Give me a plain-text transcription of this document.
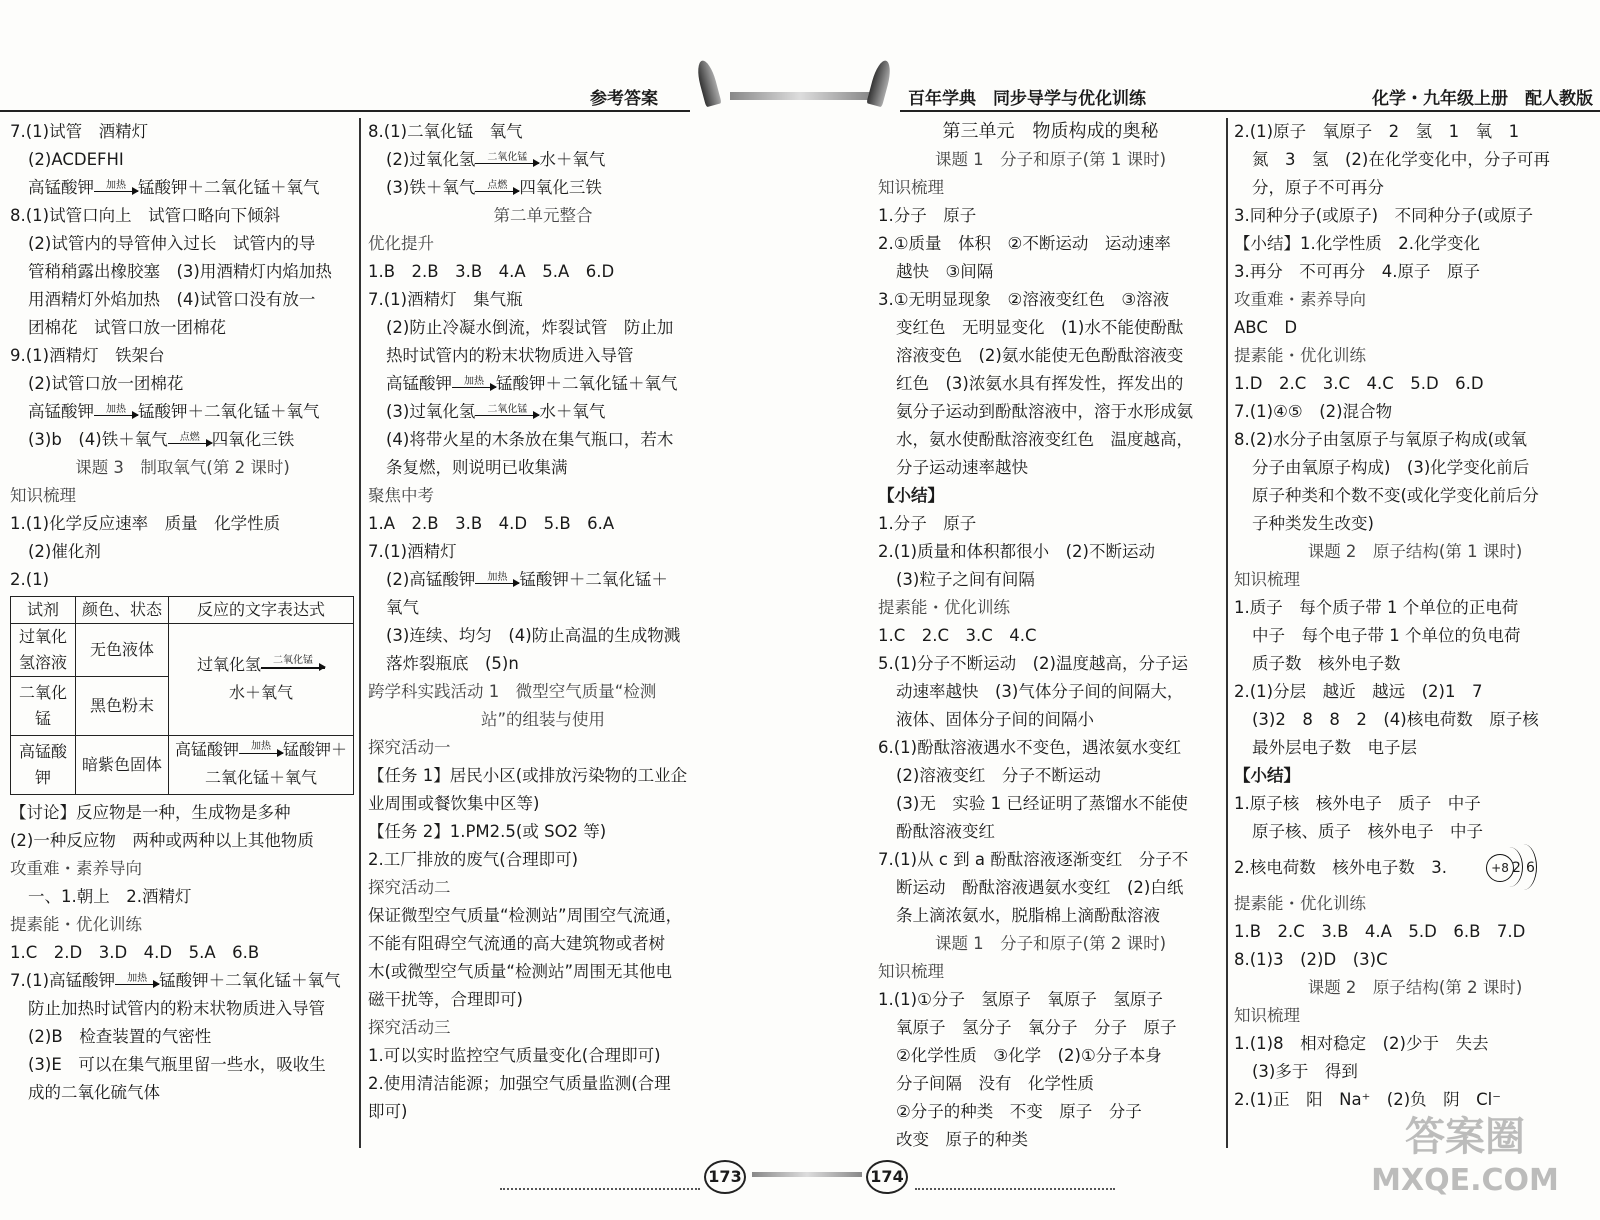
参考答案	百年学典　同步导学与优化训练	化学・九年级上册　配人教版
7.(1)试管　酒精灯
(2)ACDEFHI
高锰酸钾	加热 锰酸钾＋二氧化锰＋氧气
8.(1)试管口向上　试管口略向下倾斜
(2)试管内的导管伸入过长　试管内的导
管稍稍露出橡胶塞　(3)用酒精灯内焰加热
用酒精灯外焰加热　(4)试管口没有放一
团棉花　试管口放一团棉花
9.(1)酒精灯　铁架台
(2)试管口放一团棉花
高锰酸钾	加热 锰酸钾＋二氧化锰＋氧气
(3)b　(4)铁＋氧气	点燃 四氧化三铁
课题 3　制取氧气(第 2 课时)
知识梳理
1.(1)化学反应速率　质量　化学性质
(2)催化剂
2.(1)
试剂	颜色、状态	反应的文字表达式
过氧化氢溶液	无色液体	过氧化氢 二氧化锰
水＋氧气

二氧化锰	黑色粉末	
高锰酸钾	暗紫色固体	高锰酸钾 加热 锰酸钾＋
二氧化锰＋氧气
【讨论】反应物是一种，生成物是多种
(2)一种反应物　两种或两种以上其他物质
攻重难・素养导向
一、1.朝上　2.酒精灯
提素能・优化训练
1.C　2.D　3.D　4.D　5.A　6.B
7.(1)高锰酸钾	加热 锰酸钾＋二氧化锰＋氧气
防止加热时试管内的粉末状物质进入导管
(2)B　检查装置的气密性
(3)E　可以在集气瓶里留一些水，吸收生
成的二氧化硫气体
8.(1)二氧化锰　氧气
(2)过氧化氢	二氧化锰 水＋氧气
(3)铁＋氧气	点燃 四氧化三铁
第二单元整合
优化提升
1.B　2.B　3.B　4.A　5.A　6.D
7.(1)酒精灯　集气瓶
(2)防止冷凝水倒流，炸裂试管　防止加
热时试管内的粉末状物质进入导管
高锰酸钾	加热 锰酸钾＋二氧化锰＋氧气
(3)过氧化氢	二氧化锰 水＋氧气
(4)将带火星的木条放在集气瓶口，若木
条复燃，则说明已收集满
聚焦中考
1.A　2.B　3.B　4.D　5.B　6.A
7.(1)酒精灯
(2)高锰酸钾	加热 锰酸钾＋二氧化锰＋
氧气
(3)连续、均匀　(4)防止高温的生成物溅
落炸裂瓶底　(5)n
跨学科实践活动 1　微型空气质量“检测
站”的组装与使用
探究活动一
【任务 1】居民小区(或排放污染物的工业企
业周围或餐饮集中区等)
【任务 2】1.PM2.5(或 SO2 等)
2.工厂排放的废气(合理即可)
探究活动二
保证微型空气质量“检测站”周围空气流通，
不能有阻碍空气流通的高大建筑物或者树
木(或微型空气质量“检测站”周围无其他电
磁干扰等，合理即可)
探究活动三
1.可以实时监控空气质量变化(合理即可)
2.使用清洁能源；加强空气质量监测(合理
即可)
第三单元　物质构成的奥秘
课题 1　分子和原子(第 1 课时)
知识梳理
1.分子　原子
2.①质量　体积　②不断运动　运动速率
越快　③间隔
3.①无明显现象　②溶液变红色　③溶液
变红色　无明显变化　(1)水不能使酚酞
溶液变色　(2)氨水能使无色酚酞溶液变
红色　(3)浓氨水具有挥发性，挥发出的
氨分子运动到酚酞溶液中，溶于水形成氨
水，氨水使酚酞溶液变红色　温度越高，
分子运动速率越快
【小结】
1.分子　原子
2.(1)质量和体积都很小　(2)不断运动
(3)粒子之间有间隔
提素能・优化训练
1.C　2.C　3.C　4.C
5.(1)分子不断运动　(2)温度越高，分子运
动速率越快　(3)气体分子间的间隔大，
液体、固体分子间的间隔小
6.(1)酚酞溶液遇水不变色，遇浓氨水变红
(2)溶液变红　分子不断运动
(3)无　实验 1 已经证明了蒸馏水不能使
酚酞溶液变红
7.(1)从 c 到 a 酚酞溶液逐渐变红　分子不
断运动　酚酞溶液遇氨水变红　(2)白纸
条上滴浓氨水，脱脂棉上滴酚酞溶液
课题 1　分子和原子(第 2 课时)
知识梳理
1.(1)①分子　氢原子　氧原子　氢原子
氧原子　氢分子　氧分子　分子　原子
②化学性质　③化学　(2)①分子本身
分子间隔　没有　化学性质
②分子的种类　不变　原子　分子
改变　原子的种类
2.(1)原子　氧原子　2　氢　1　氧　1
氮　3　氢　(2)在化学变化中，分子可再
分，原子不可再分
3.同种分子(或原子)　不同种分子(或原子
【小结】1.化学性质　2.化学变化
3.再分　不可再分　4.原子　原子
攻重难・素养导向
ABC　D
提素能・优化训练
1.D　2.C　3.C　4.C　5.D　6.D
7.(1)④⑤　(2)混合物
8.(2)水分子由氢原子与氧原子构成(或氧
分子由氧原子构成)　(3)化学变化前后
原子种类和个数不变(或化学变化前后分
子种类发生改变)
课题 2　原子结构(第 1 课时)
知识梳理
1.质子　每个质子带 1 个单位的正电荷
中子　每个电子带 1 个单位的负电荷
质子数　核外电子数
2.(1)分层　越近　越远　(2)1　7
(3)2　8　8　2　(4)核电荷数　原子核
最外层电子数　电子层
【小结】
1.原子核　核外电子　质子　中子
原子核、质子　核外电子　中子
2.核电荷数　核外电子数　3.	+8 2 6
提素能・优化训练
1.B　2.C　3.B　4.A　5.D　6.B　7.D
8.(1)3　(2)D　(3)C
课题 2　原子结构(第 2 课时)
知识梳理
1.(1)8　相对稳定　(2)少于　失去
(3)多于　得到
2.(1)正　阳　Na⁺　(2)负　阴　Cl⁻
173	174
答案圈
MXQE.COM
